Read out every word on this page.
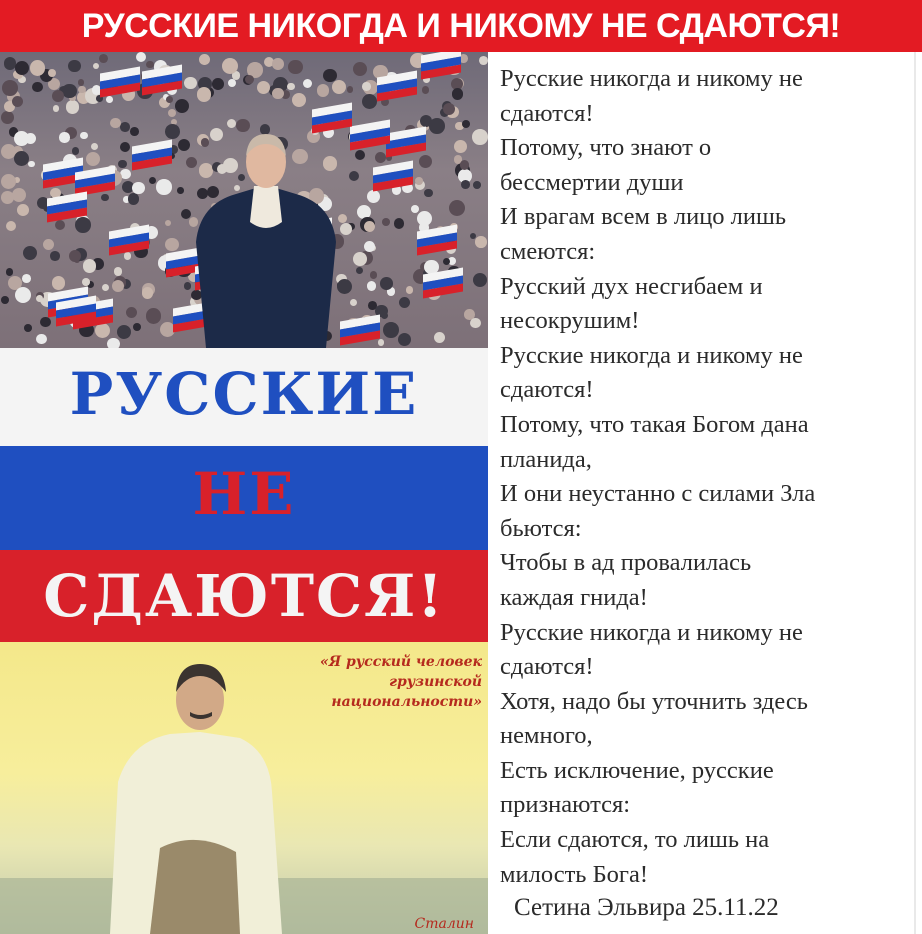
РУССКИЕ НИКОГДА И НИКОМУ НЕ СДАЮТСЯ!
РУССКИЕ
НЕ
СДАЮТСЯ!
«Я русский человек
грузинской
национальности»
Сталин
Русские никогда и никому не
сдаются!
Потому, что знают о
бессмертии души
И врагам всем в лицо лишь
смеются:
Русский дух несгибаем и
несокрушим!
Русские никогда и никому не
сдаются!
Потому, что такая Богом дана
планида,
И они неустанно с силами Зла
бьются:
Чтобы в ад провалилась
каждая гнида!
Русские никогда и никому не
сдаются!
Хотя, надо бы уточнить здесь
немного,
Есть исключение, русские
признаются:
Если сдаются, то лишь на
милость Бога!
Сетина Эльвира 25.11.22
